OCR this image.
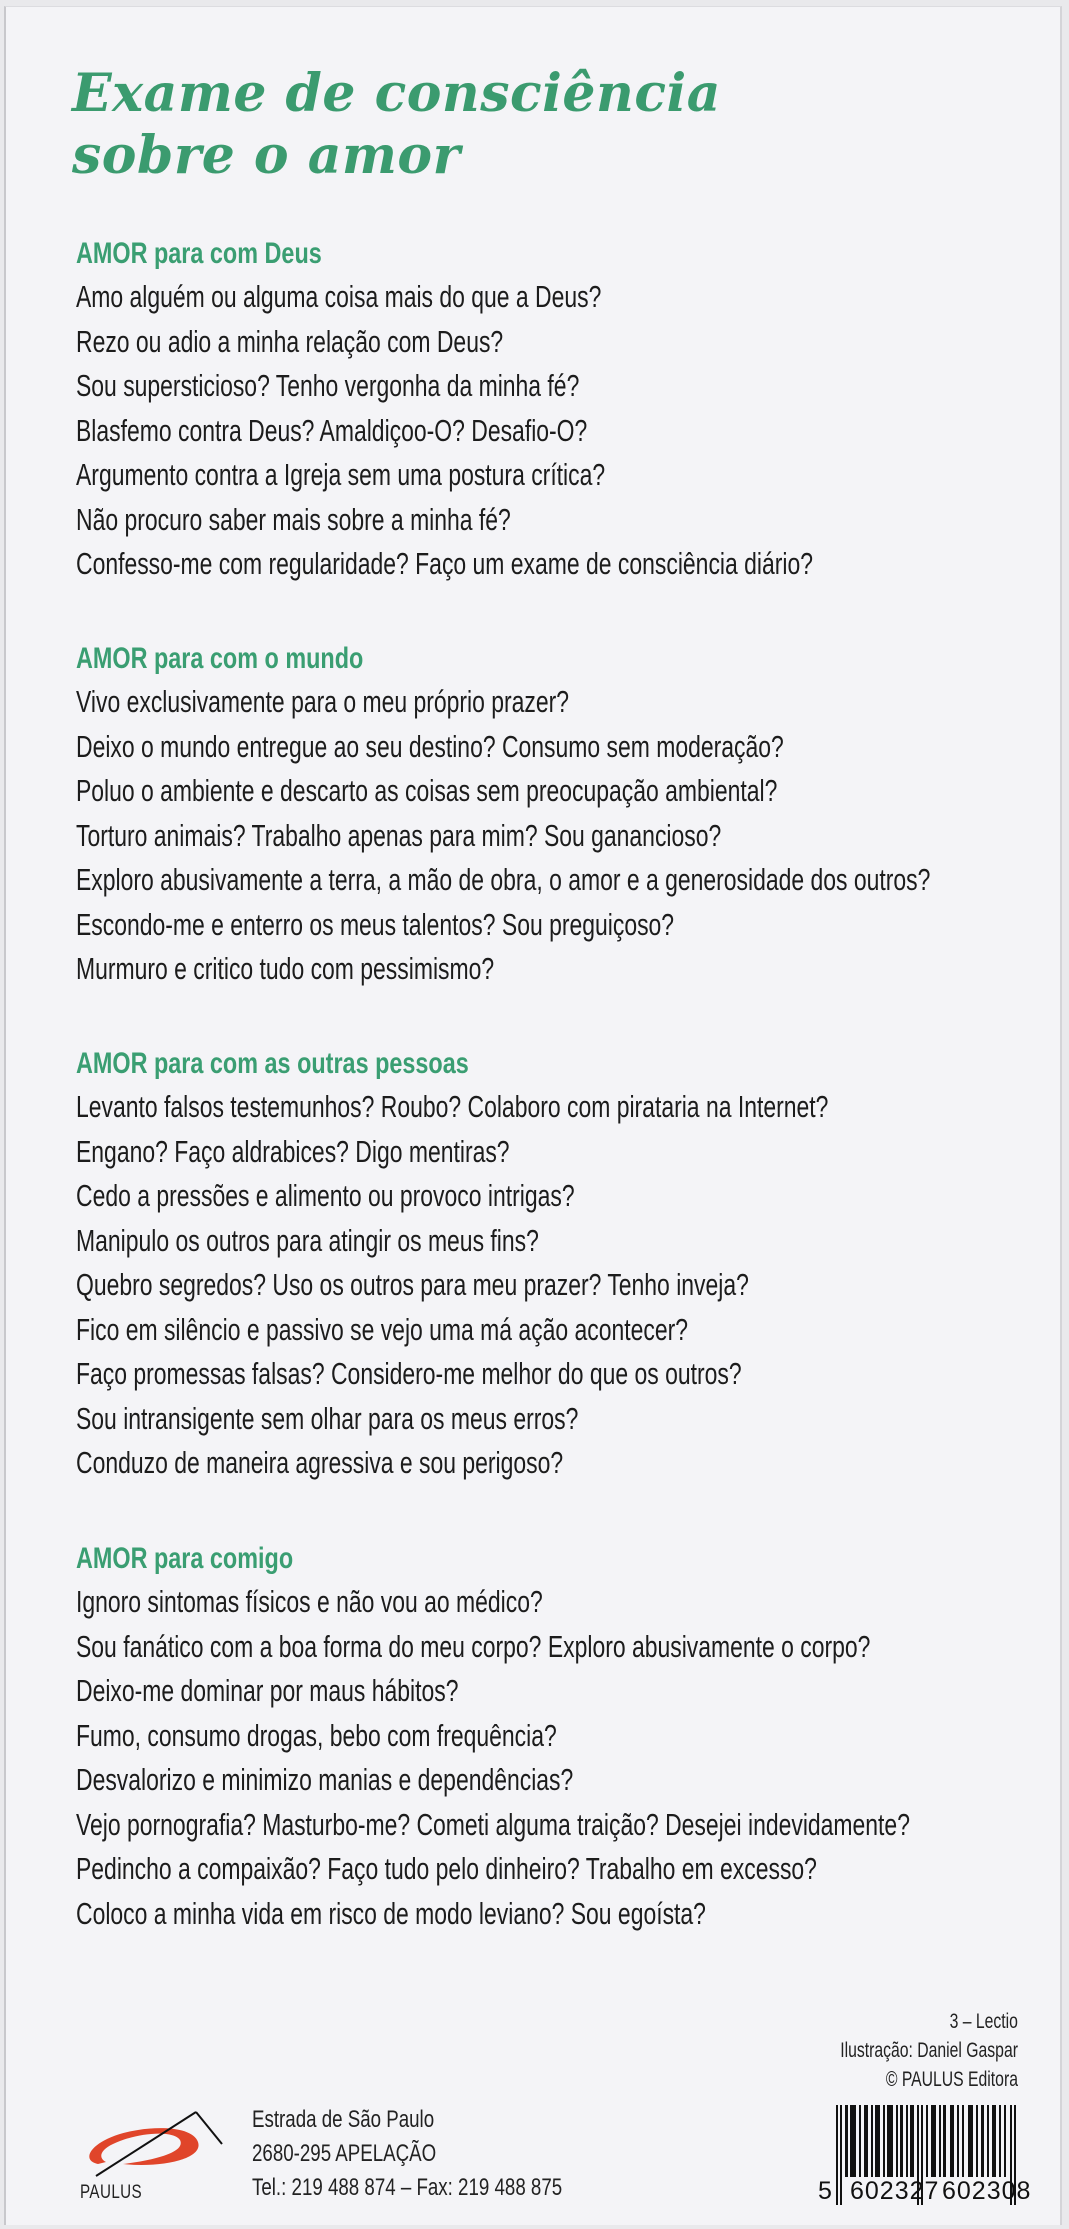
Exame de consciência
sobre o amor
AMOR para com Deus
Amo alguém ou alguma coisa mais do que a Deus?
Rezo ou adio a minha relação com Deus?
Sou supersticioso? Tenho vergonha da minha fé?
Blasfemo contra Deus? Amaldiçoo-O? Desafio-O?
Argumento contra a Igreja sem uma postura crítica?
Não procuro saber mais sobre a minha fé?
Confesso-me com regularidade? Faço um exame de consciência diário?
AMOR para com o mundo
Vivo exclusivamente para o meu próprio prazer?
Deixo o mundo entregue ao seu destino? Consumo sem moderação?
Poluo o ambiente e descarto as coisas sem preocupação ambiental?
Torturo animais? Trabalho apenas para mim? Sou ganancioso?
Exploro abusivamente a terra, a mão de obra, o amor e a generosidade dos outros?
Escondo-me e enterro os meus talentos? Sou preguiçoso?
Murmuro e critico tudo com pessimismo?
AMOR para com as outras pessoas
Levanto falsos testemunhos? Roubo? Colaboro com pirataria na Internet?
Engano? Faço aldrabices? Digo mentiras?
Cedo a pressões e alimento ou provoco intrigas?
Manipulo os outros para atingir os meus fins?
Quebro segredos? Uso os outros para meu prazer? Tenho inveja?
Fico em silêncio e passivo se vejo uma má ação acontecer?
Faço promessas falsas? Considero-me melhor do que os outros?
Sou intransigente sem olhar para os meus erros?
Conduzo de maneira agressiva e sou perigoso?
AMOR para comigo
Ignoro sintomas físicos e não vou ao médico?
Sou fanático com a boa forma do meu corpo? Exploro abusivamente o corpo?
Deixo-me dominar por maus hábitos?
Fumo, consumo drogas, bebo com frequência?
Desvalorizo e minimizo manias e dependências?
Vejo pornografia? Masturbo-me? Cometi alguma traição? Desejei indevidamente?
Pedincho a compaixão? Faço tudo pelo dinheiro? Trabalho em excesso?
Coloco a minha vida em risco de modo leviano? Sou egoísta?
3 – Lectio
Ilustração: Daniel Gaspar
© PAULUS Editora
PAULUS
Estrada de São Paulo
2680-295 APELAÇÃO
Tel.: 219 488 874 – Fax: 219 488 875	5 602327 602308
